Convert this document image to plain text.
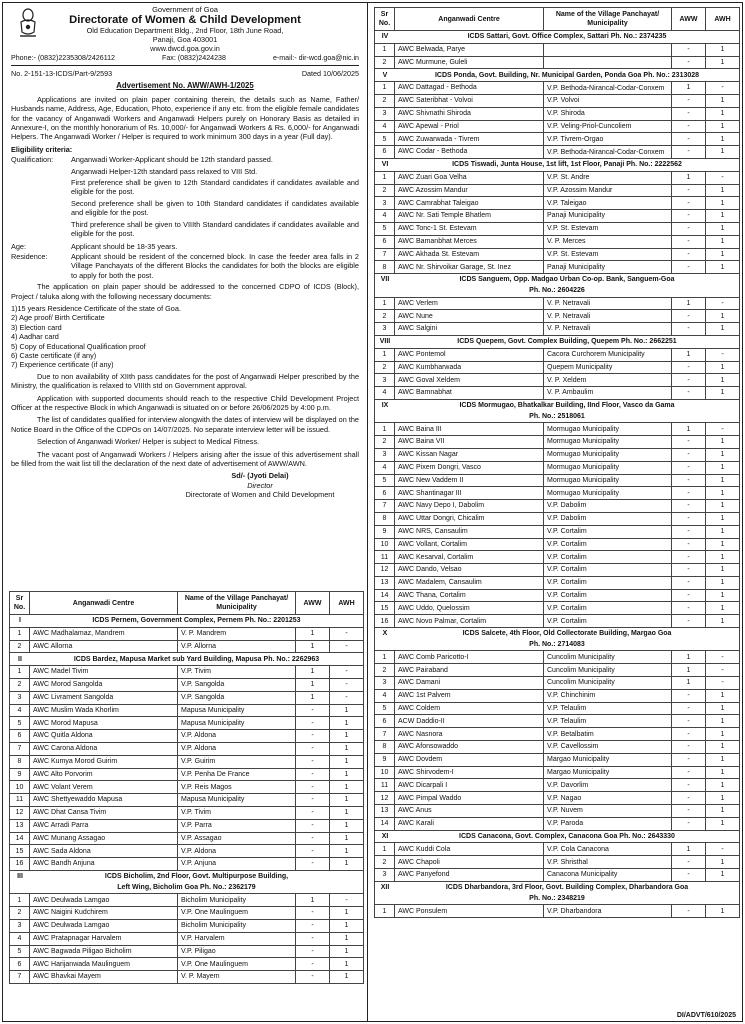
Government of Goa
Directorate of Women & Child Development
Old Education Department Bldg., 2nd Floor, 18th June Road,
Panaji, Goa 403001
www.dwcd.goa.gov.in
Phone:- (0832)2235308/2426112	Fax: (0832)2424238	e-mail:- dir-wcd.goa@nic.in
No. 2-151-13-ICDS/Part-9/2593	Dated 10/06/2025
Advertisement No. AWW/AWH-1/2025
Applications are invited on plain paper containing therein, the details such as Name, Father/ Husbands name, Address, Age, Education, Photo, experience if any etc. from the eligible female candidates for the vacancy of Anganwadi Workers and Anganwadi Helpers purely on Honorary Basis as detailed in Annexure-I, on the monthly honorarium of Rs. 10,000/- for Anganwadi Workers & Rs. 6,000/- for Anganwadi Helpers. The Anganwadi Worker / Helper is required to work minimum 300 days in a year (Full day).
Eligibility criteria:
Qualification:	Anganwadi Worker-Applicant should be 12th standard passed.
Anganwadi Helper-12th standard pass relaxed to VIII Std.
First preference shall be given to 12th Standard candidates if candidates available and eligible for the post.
Second preference shall be given to 10th Standard candidates if candidates available and eligible for the post.
Third preference shall be given to VIIIth Standard candidates if candidates available and eligible for the post.
Age:	Applicant should be 18-35 years.
Residence:	Applicant should be resident of the concerned block. In case the feeder area falls in 2 Village Panchayats of the different Blocks the candidates for both the blocks are eligible to apply for both the post.
The application on plain paper should be addressed to the concerned CDPO of ICDS (Block), Project / taluka along with the following necessary documents:
1)15 years Residence Certificate of the state of Goa.
2) Age proof/ Birth Certificate
3) Election card
4) Aadhar card
5) Copy of Educational Qualification proof
6) Caste certificate (if any)
7) Experience certificate (if any)
Due to non availability of XIIth pass candidates for the post of Anganwadi Helper prescribed by the Ministry, the qualification is relaxed to VIIIth std on Government approval.
Application with supported documents should reach to the respective Child Development Project Officer at the respective Block in which Anganwadi is situated on or before 26/06/2025 by 4:00 p.m.
The list of candidates qualified for interview alongwith the dates of interview will be displayed on the Notice Board in the Office of the CDPOs on 14/07/2025. No separate interview letter will be issued.
Selection of Anganwadi Worker/ Helper is subject to Medical Fitness.
The vacant post of Anganwadi Workers / Helpers arising after the issue of this advertisement shall be filled from the wait list till the declaration of the next date of advertisement of AWW/AWN.
Sd/- (Jyoti Delai)
Director
Directorate of Women and Child Development
Sr No.	Anganwadi Centre	Name of the Village Panchayat/ Municipality	AWW	AWH

I ICDS Pernem, Government Complex, Pernem Ph. No.: 2201253				
1	AWC Madhalamaz, Mandrem	V. P. Mandrem	1	-
2	AWC Allorna	V.P. Allorna	1	-

II ICDS Bardez, Mapusa Market sub Yard Building, Mapusa Ph. No.: 2262963				
1	AWC Madel Tivim	V.P. Tivim	1	-
2	AWC Morod Sangolda	V.P. Sangolda	1	-
3	AWC Livrament Sangolda	V.P. Sangolda	1	-
4	AWC Muslim Wada Khorlim	Mapusa Municipality	-	1
5	AWC Morod Mapusa	Mapusa Municipality	-	1
6	AWC Quitla Aldona	V.P. Aldona	-	1
7	AWC Carona Aldona	V.P. Aldona	-	1
8	AWC Kumya Morod Guirim	V.P. Guirim	-	1
9	AWC Alto Porvorim	V.P. Penha De France	-	1
10	AWC Volant Verem	V.P. Reis Magos	-	1
11	AWC Shettyewaddo Mapusa	Mapusa Municipality	-	1
12	AWC Dhat Cansa Tivim	V.P. Tivim	-	1
13	AWC Arradi Parra	V.P. Parra	-	1
14	AWC Munang Assagao	V.P. Assagao	-	1
15	AWC Sada Aldona	V.P. Aldona	-	1
16	AWC Bandh Anjuna	V.P. Anjuna	-	1

III ICDS Bicholim, 2nd Floor, Govt. Multipurpose Building,
Left Wing, Bicholim Goa Ph. No.: 2362179				

1	AWC Deulwada Lamgao	Bicholim Municipality	1	-
2	AWC Naigini Kudchirem	V.P. One Maulinguem	-	1
3	AWC Deulwada Lamgao	Bicholim Municipality	-	1
4	AWC Pratapnagar Harvalem	V.P. Harvalem	-	1
5	AWC Bagwada Piligao Bicholim	V.P. Piligao	-	1
6	AWC Harijanwada Maulinguem	V.P. One Maulinguem	-	1
7	AWC Bhavkai Mayem	V. P. Mayem	-	1
Sr No.	Anganwadi Centre	Name of the Village Panchayat/ Municipality	AWW	AWH

IV ICDS Sattari, Govt. Office Complex, Sattari Ph. No.: 2374235				
1	AWC Belwada, Parye		-	1
2	AWC Murmune, Guleli		-	1

V ICDS Ponda, Govt. Building, Nr. Municipal Garden, Ponda Goa Ph. No.: 2313028				
1	AWC Dattagad - Bethoda	V.P. Bethoda-Nirancal-Codar-Conxem	1	-
2	AWC Sateribhat - Volvoi	V.P. Volvoi	-	1
3	AWC Shivnathi Shiroda	V.P. Shiroda	-	1
4	AWC Apewal - Priol	V.P. Veling-Priol-Cuncoliem	-	1
5	AWC Zuwarwada - Tivrem	V.P. Tivrem-Orgao	-	1
6	AWC Codar - Bethoda	V.P. Bethoda-Nirancal-Codar-Conxem	-	1

VI ICDS Tiswadi, Junta House, 1st lift, 1st Floor, Panaji Ph. No.: 2222562				
1	AWC Zuari Goa Velha	V.P. St. Andre	1	-
2	AWC Azossim Mandur	V.P. Azossim Mandur	-	1
3	AWC Camrabhat Taleigao	V.P. Taleigao	-	1
4	AWC Nr. Sati Temple Bhatlem	Panaji Municipality	-	1
5	AWC Tonc-1 St. Estevam	V.P. St. Estevam	-	1
6	AWC Bamanbhat Merces	V. P. Merces	-	1
7	AWC Akhada St. Estevam	V.P. St. Estevam	-	1
8	AWC Nr. Shirvoikar Garage, St. Inez	Panaji Municipality	-	1

VII ICDS Sanguem, Opp. Madgao Urban Co-op. Bank, Sanguem-Goa
Ph. No.: 2604226				

1	AWC Verlem	V. P. Netravali	1	-
2	AWC Nune	V. P. Netravali	-	1
3	AWC Salgini	V. P. Netravali	-	1

VIII ICDS Quepem, Govt. Complex Building, Quepem Ph. No.: 2662251				
1	AWC Pontemol	Cacora Curchorem Municipality	1	-
2	AWC Kumbharwada	Quepem Municipality	-	1
3	AWC Goval Xeldem	V. P. Xeldem	-	1
4	AWC Bamnabhat	V. P. Ambaulim	-	1

IX ICDS Mormugao, Bhatkalkar Building, IInd Floor, Vasco da Gama
Ph. No.: 2518061				

1	AWC Baina III	Mormugao Municipality	1	-
2	AWC Baina VII	Mormugao Municipality	-	1
3	AWC Kissan Nagar	Mormugao Municipality	-	1
4	AWC Pixem Dongri, Vasco	Mormugao Municipality	-	1
5	AWC New Vaddem II	Mormugao Municipality	-	1
6	AWC Shantinagar III	Mormugao Municipality	-	1
7	AWC Navy Depo I, Dabolim	V.P. Dabolim	-	1
8	AWC Uttar Dongri, Chicalim	V.P. Dabolim	-	1
9	AWC NRS, Cansaulim	V.P. Cortalim	-	1
10	AWC Vollant, Cortalim	V.P. Cortalim	-	1
11	AWC Kesarval, Cortalim	V.P. Cortalim	-	1
12	AWC Dando, Velsao	V.P. Cortalim	-	1
13	AWC Madalem, Cansaulim	V.P. Cortalim	-	1
14	AWC Thana, Cortalim	V.P. Cortalim	-	1
15	AWC Uddo, Quelossim	V.P. Cortalim	-	1
16	AWC Novo Palmar, Cortalim	V.P. Cortalim	-	1

X ICDS Salcete, 4th Floor, Old Collectorate Building, Margao Goa
Ph. No.: 2714083				

1	AWC Comb Paricotto-I	Cuncolim Municipality	1	-
2	AWC Pairaband	Cuncolim Municipality	1	-
3	AWC Damani	Cuncolim Municipality	1	-
4	AWC 1st Palvem	V.P. Chinchinim	-	1
5	AWC Coldem	V.P. Telaulim	-	1
6	ACW Daddio-II	V.P. Telaulim	-	1
7	AWC Nasnora	V.P. Betalbatim	-	1
8	AWC Afonsowaddo	V.P. Cavellossim	-	1
9	AWC Dovdem	Margao Municipality	-	1
10	AWC Shirvodem-I	Margao Municipality	-	1
11	AWC Dicarpali I	V.P. Davorlim	-	1
12	AWC Pimpal Waddo	V.P. Nagao	-	1
13	AWC Anus	V.P. Nuvem	-	1
14	AWC Karali	V.P. Paroda	-	1

XI ICDS Canacona, Govt. Complex, Canacona Goa Ph. No.: 2643330				
1	AWC Kuddi Cola	V.P. Cola Canacona	1	-
2	AWC Chapoli	V.P. Shristhal	-	1
3	AWC Panyefond	Canacona Municipality	-	1

XII ICDS Dharbandora, 3rd Floor, Govt. Building Complex, Dharbandora Goa
Ph. No.: 2348219				

1	AWC Ponsulem	V.P. Dharbandora	-	1
DI/ADVT/610/2025
